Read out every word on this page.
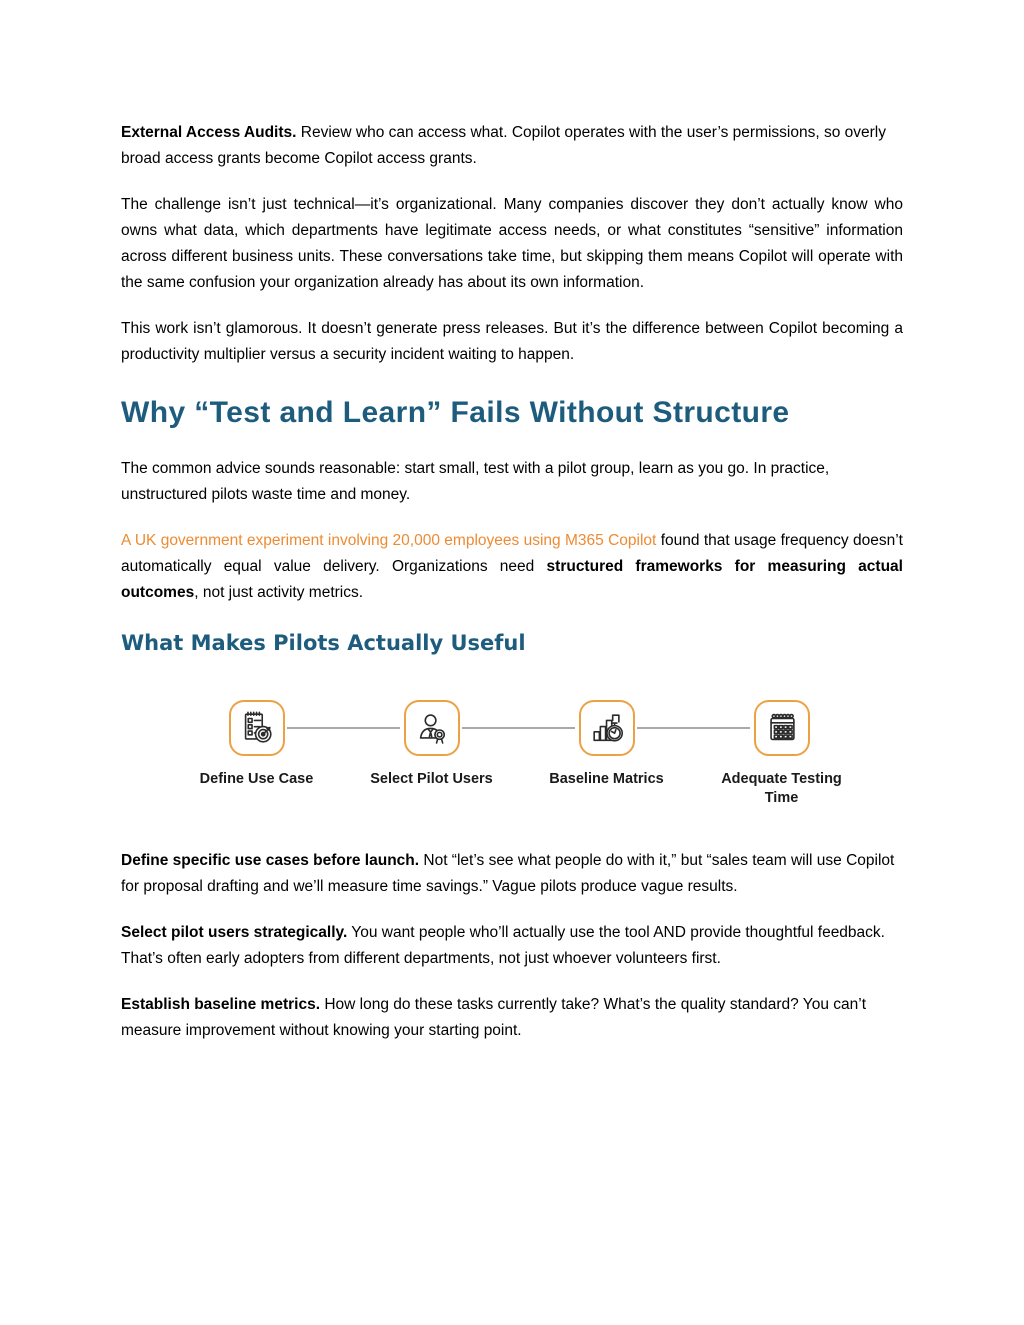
External Access Audits. Review who can access what. Copilot operates with the user’s permissions, so overly broad access grants become Copilot access grants.

The challenge isn’t just technical—it’s organizational. Many companies discover they don’t actually know who owns what data, which departments have legitimate access needs, or what constitutes “sensitive” information across different business units. These conversations take time, but skipping them means Copilot will operate with the same confusion your organization already has about its own information.

This work isn’t glamorous. It doesn’t generate press releases. But it’s the difference between Copilot becoming a productivity multiplier versus a security incident waiting to happen.

Why “Test and Learn” Fails Without Structure

The common advice sounds reasonable: start small, test with a pilot group, learn as you go. In practice, unstructured pilots waste time and money.

A UK government experiment involving 20,000 employees using M365 Copilot found that usage frequency doesn’t automatically equal value delivery. Organizations need structured frameworks for measuring actual outcomes, not just activity metrics.

What Makes Pilots Actually Useful
Define Use Case	Select Pilot Users	Baseline Matrics	Adequate Testing Time

Define specific use cases before launch. Not “let’s see what people do with it,” but “sales team will use Copilot for proposal drafting and we’ll measure time savings.” Vague pilots produce vague results.

Select pilot users strategically. You want people who’ll actually use the tool AND provide thoughtful feedback. That’s often early adopters from different departments, not just whoever volunteers first.

Establish baseline metrics. How long do these tasks currently take? What’s the quality standard? You can’t measure improvement without knowing your starting point.
